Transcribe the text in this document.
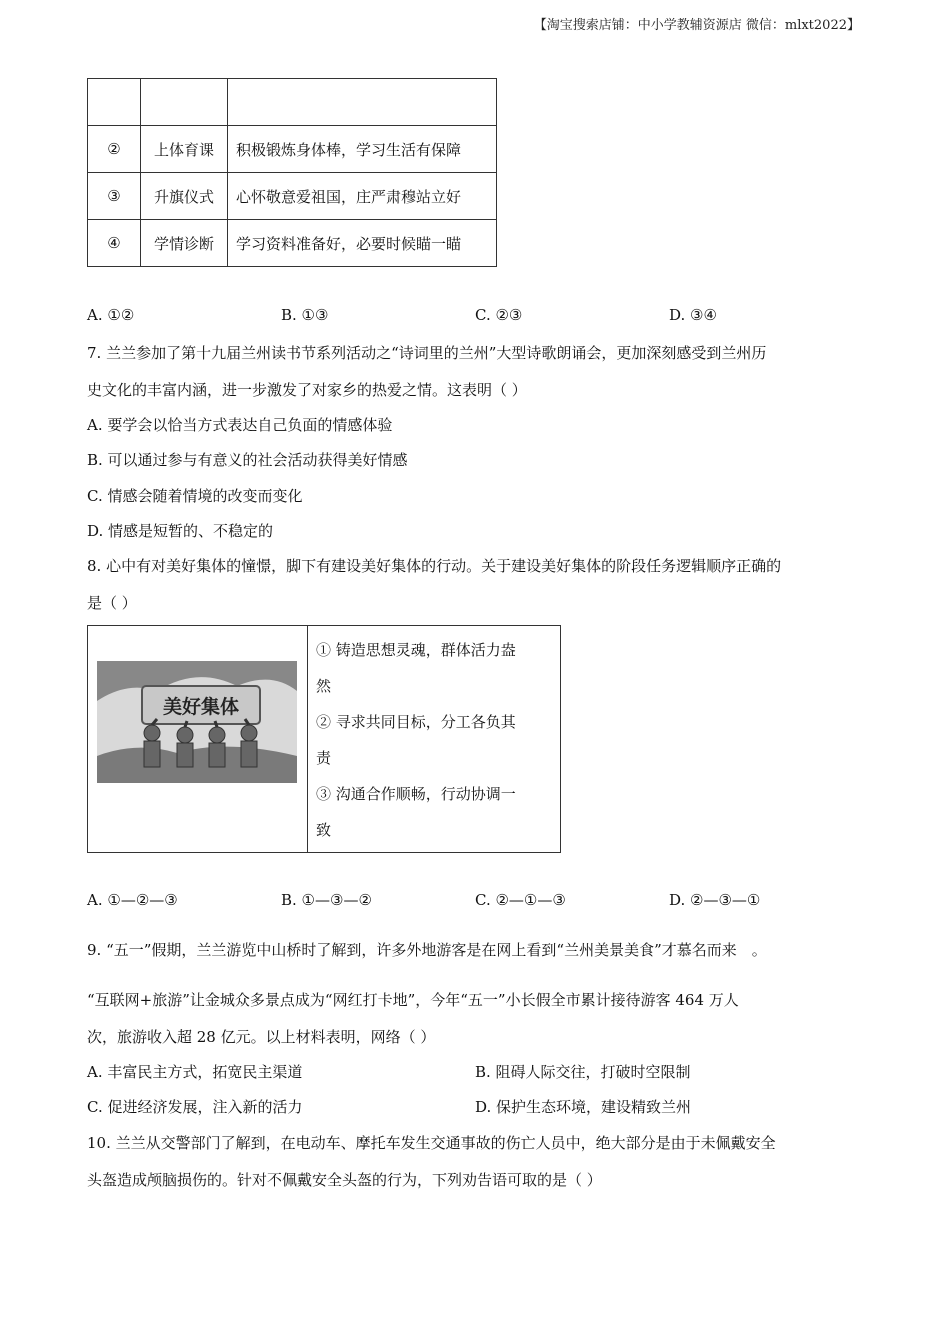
【淘宝搜索店铺：中小学教辅资源店 微信：mlxt2022】

②	上体育课	积极锻炼身体棒，学习生活有保障
③	升旗仪式	心怀敬意爱祖国，庄严肃穆站立好
④	学情诊断	学习资料准备好，必要时候瞄一瞄
A. ①②	B. ①③	C. ②③	D. ③④
7. 兰兰参加了第十九届兰州读书节系列活动之“诗词里的兰州”大型诗歌朗诵会，更加深刻感受到兰州历
史文化的丰富内涵，进一步激发了对家乡的热爱之情。这表明（ ）
A. 要学会以恰当方式表达自己负面的情感体验
B. 可以通过参与有意义的社会活动获得美好情感
C. 情感会随着情境的改变而变化
D. 情感是短暂的、不稳定的
8. 心中有对美好集体的憧憬，脚下有建设美好集体的行动。关于建设美好集体的阶段任务逻辑顺序正确的
是（ ）
美好集体
① 铸造思想灵魂，群体活力盎
然
② 寻求共同目标，分工各负其
责
③ 沟通合作顺畅，行动协调一
致
A. ①—②—③	B. ①—③—②	C. ②—①—③	D. ②—③—①
9. “五一”假期，兰兰游览中山桥时了解到，许多外地游客是在网上看到“兰州美景美食”才慕名而来　。
“互联网+旅游”让金城众多景点成为“网红打卡地”，今年“五一”小长假全市累计接待游客 464 万人
次，旅游收入超 28 亿元。以上材料表明，网络（ ）
A. 丰富民主方式，拓宽民主渠道	B. 阻碍人际交往，打破时空限制
C. 促进经济发展，注入新的活力	D. 保护生态环境，建设精致兰州
10. 兰兰从交警部门了解到，在电动车、摩托车发生交通事故的伤亡人员中，绝大部分是由于未佩戴安全
头盔造成颅脑损伤的。针对不佩戴安全头盔的行为，下列劝告语可取的是（ ）
